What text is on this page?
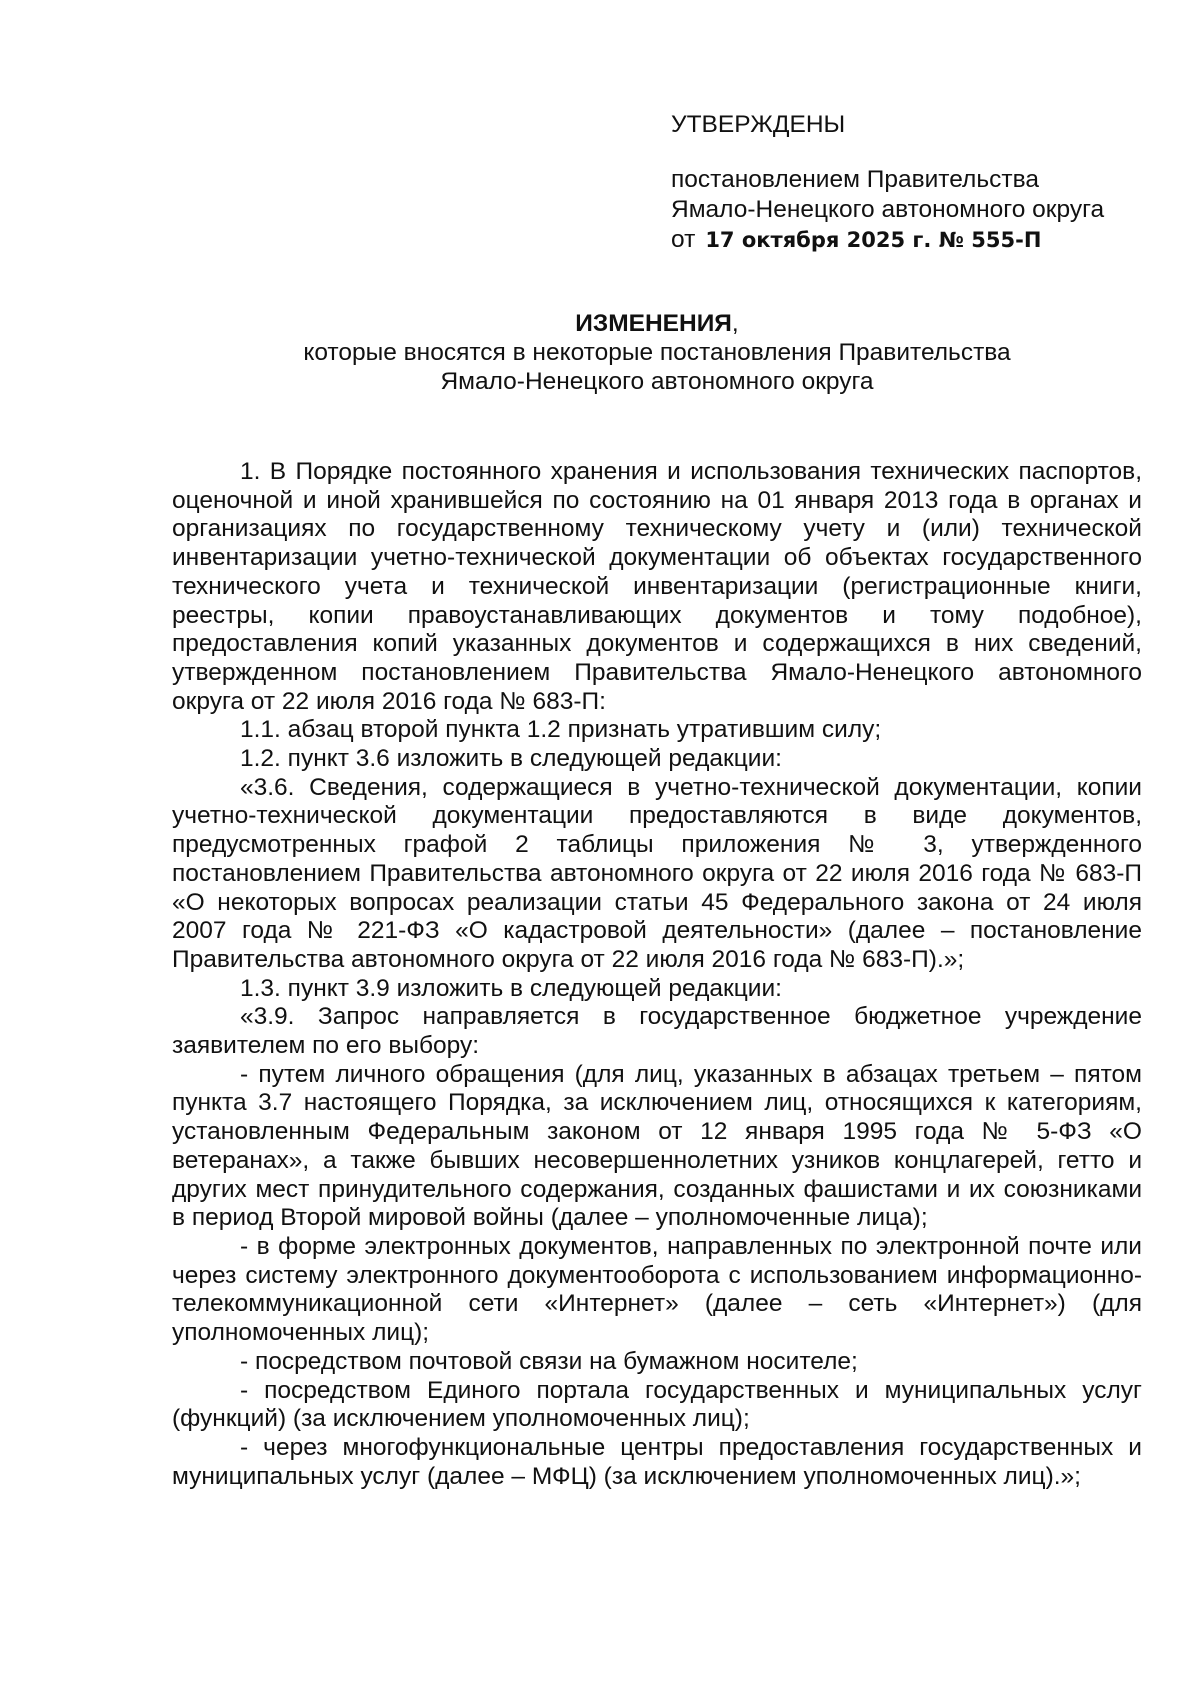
УТВЕРЖДЕНЫ

постановлением Правительства

Ямало-Ненецкого автономного округа

от 17 октября 2025 г. № 555-П

ИЗМЕНЕНИЯ,

которые вносятся в некоторые постановления Правительства

Ямало-Ненецкого автономного округа

1. В Порядке постоянного хранения и использования технических паспортов, оценочной и иной хранившейся по состоянию на 01 января 2013 года в органах и организациях по государственному техническому учету и (или) технической инвентаризации учетно-технической документации об объектах государственного технического учета и технической инвентаризации (регистрационные книги, реестры, копии правоустанавливающих документов и тому подобное), предоставления копий указанных документов и содержащихся в них сведений, утвержденном постановлением Правительства Ямало-Ненецкого автономного округа от 22 июля 2016 года № 683-П:

1.1. абзац второй пункта 1.2 признать утратившим силу;

1.2. пункт 3.6 изложить в следующей редакции:

«3.6. Сведения, содержащиеся в учетно-технической документации, копии учетно-технической документации предоставляются в виде документов, предусмотренных графой 2 таблицы приложения № 3, утвержденного постановлением Правительства автономного округа от 22 июля 2016 года № 683-П «О некоторых вопросах реализации статьи 45 Федерального закона от 24 июля 2007 года № 221-ФЗ «О кадастровой деятельности» (далее – постановление Правительства автономного округа от 22 июля 2016 года № 683-П).»;

1.3. пункт 3.9 изложить в следующей редакции:

«3.9. Запрос направляется в государственное бюджетное учреждение заявителем по его выбору:

- путем личного обращения (для лиц, указанных в абзацах третьем – пятом пункта 3.7 настоящего Порядка, за исключением лиц, относящихся к категориям, установленным Федеральным законом от 12 января 1995 года № 5-ФЗ «О ветеранах», а также бывших несовершеннолетних узников концлагерей, гетто и других мест принудительного содержания, созданных фашистами и их союзниками в период Второй мировой войны (далее – уполномоченные лица);

- в форме электронных документов, направленных по электронной почте или через систему электронного документооборота с использованием информационно-телекоммуникационной сети «Интернет» (далее – сеть «Интернет») (для уполномоченных лиц);

- посредством почтовой связи на бумажном носителе;

- посредством Единого портала государственных и муниципальных услуг (функций) (за исключением уполномоченных лиц);

- через многофункциональные центры предоставления государственных и муниципальных услуг (далее – МФЦ) (за исключением уполномоченных лиц).»;
